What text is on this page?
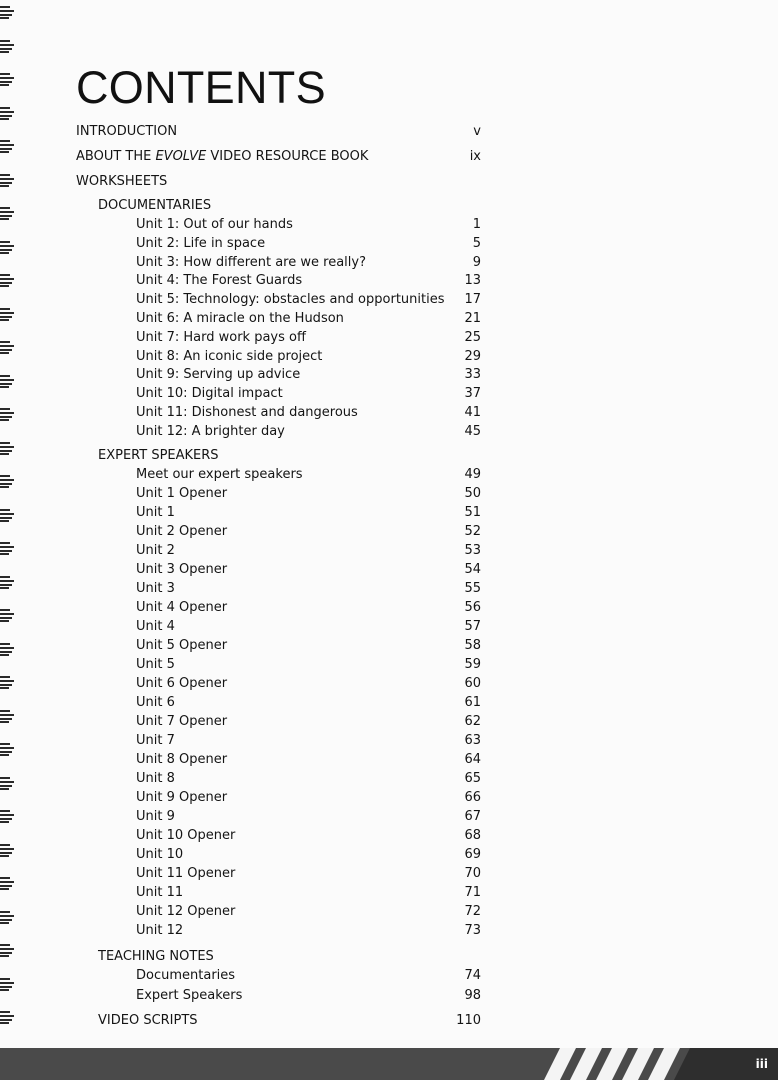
CONTENTS
INTRODUCTION	v
ABOUT THE EVOLVE VIDEO RESOURCE BOOK	ix
WORKSHEETS
DOCUMENTARIES
Unit 1: Out of our hands	1
Unit 2: Life in space	5
Unit 3: How different are we really?	9
Unit 4: The Forest Guards	13
Unit 5: Technology: obstacles and opportunities 17
Unit 6: A miracle on the Hudson	21
Unit 7: Hard work pays off	25
Unit 8: An iconic side project	29
Unit 9: Serving up advice	33
Unit 10: Digital impact	37
Unit 11: Dishonest and dangerous	41
Unit 12: A brighter day	45
EXPERT SPEAKERS
Meet our expert speakers	49
Unit 1 Opener	50
Unit 1	51
Unit 2 Opener	52
Unit 2	53
Unit 3 Opener	54
Unit 3	55
Unit 4 Opener	56
Unit 4	57
Unit 5 Opener	58
Unit 5	59
Unit 6 Opener	60
Unit 6	61
Unit 7 Opener	62
Unit 7	63
Unit 8 Opener	64
Unit 8	65
Unit 9 Opener	66
Unit 9	67
Unit 10 Opener	68
Unit 10	69
Unit 11 Opener	70
Unit 11	71
Unit 12 Opener	72
Unit 12	73
TEACHING NOTES
Documentaries	74
Expert Speakers	98
VIDEO SCRIPTS	110
iii
